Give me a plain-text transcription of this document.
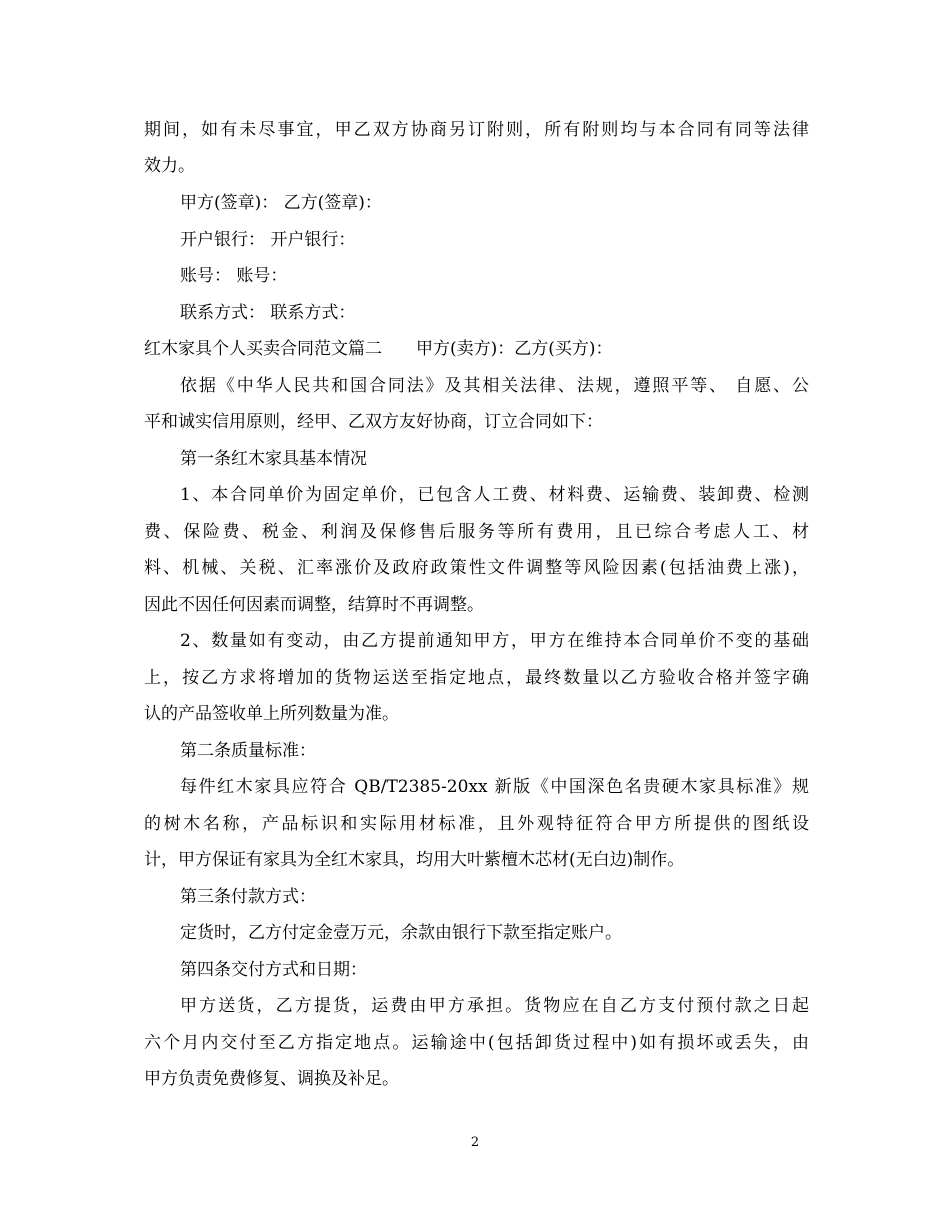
期间，如有未尽事宜，甲乙双方协商另订附则，所有附则均与本合同有同等法律
效力。
甲方(签章)： 乙方(签章)：
开户银行： 开户银行：
账号： 账号：
联系方式： 联系方式：
红木家具个人买卖合同范文篇二　　甲方(卖方)：乙方(买方)：
依据《中华人民共和国合同法》及其相关法律、法规，遵照平等、 自愿、公
平和诚实信用原则，经甲、乙双方友好协商，订立合同如下：
第一条红木家具基本情况
1、本合同单价为固定单价，已包含人工费、材料费、运输费、装卸费、检测
费、保险费、税金、利润及保修售后服务等所有费用，且已综合考虑人工、材
料、机械、关税、汇率涨价及政府政策性文件调整等风险因素(包括油费上涨)，
因此不因任何因素而调整，结算时不再调整。
2、数量如有变动，由乙方提前通知甲方，甲方在维持本合同单价不变的基础
上，按乙方求将增加的货物运送至指定地点，最终数量以乙方验收合格并签字确
认的产品签收单上所列数量为准。
第二条质量标准：
每件红木家具应符合 QB/T2385-20xx 新版《中国深色名贵硬木家具标准》规
的树木名称，产品标识和实际用材标准，且外观特征符合甲方所提供的图纸设
计，甲方保证有家具为全红木家具，均用大叶紫檀木芯材(无白边)制作。
第三条付款方式：
定货时，乙方付定金壹万元，余款由银行下款至指定账户。
第四条交付方式和日期：
甲方送货，乙方提货，运费由甲方承担。货物应在自乙方支付预付款之日起
六个月内交付至乙方指定地点。运输途中(包括卸货过程中)如有损坏或丢失，由
甲方负责免费修复、调换及补足。
2
